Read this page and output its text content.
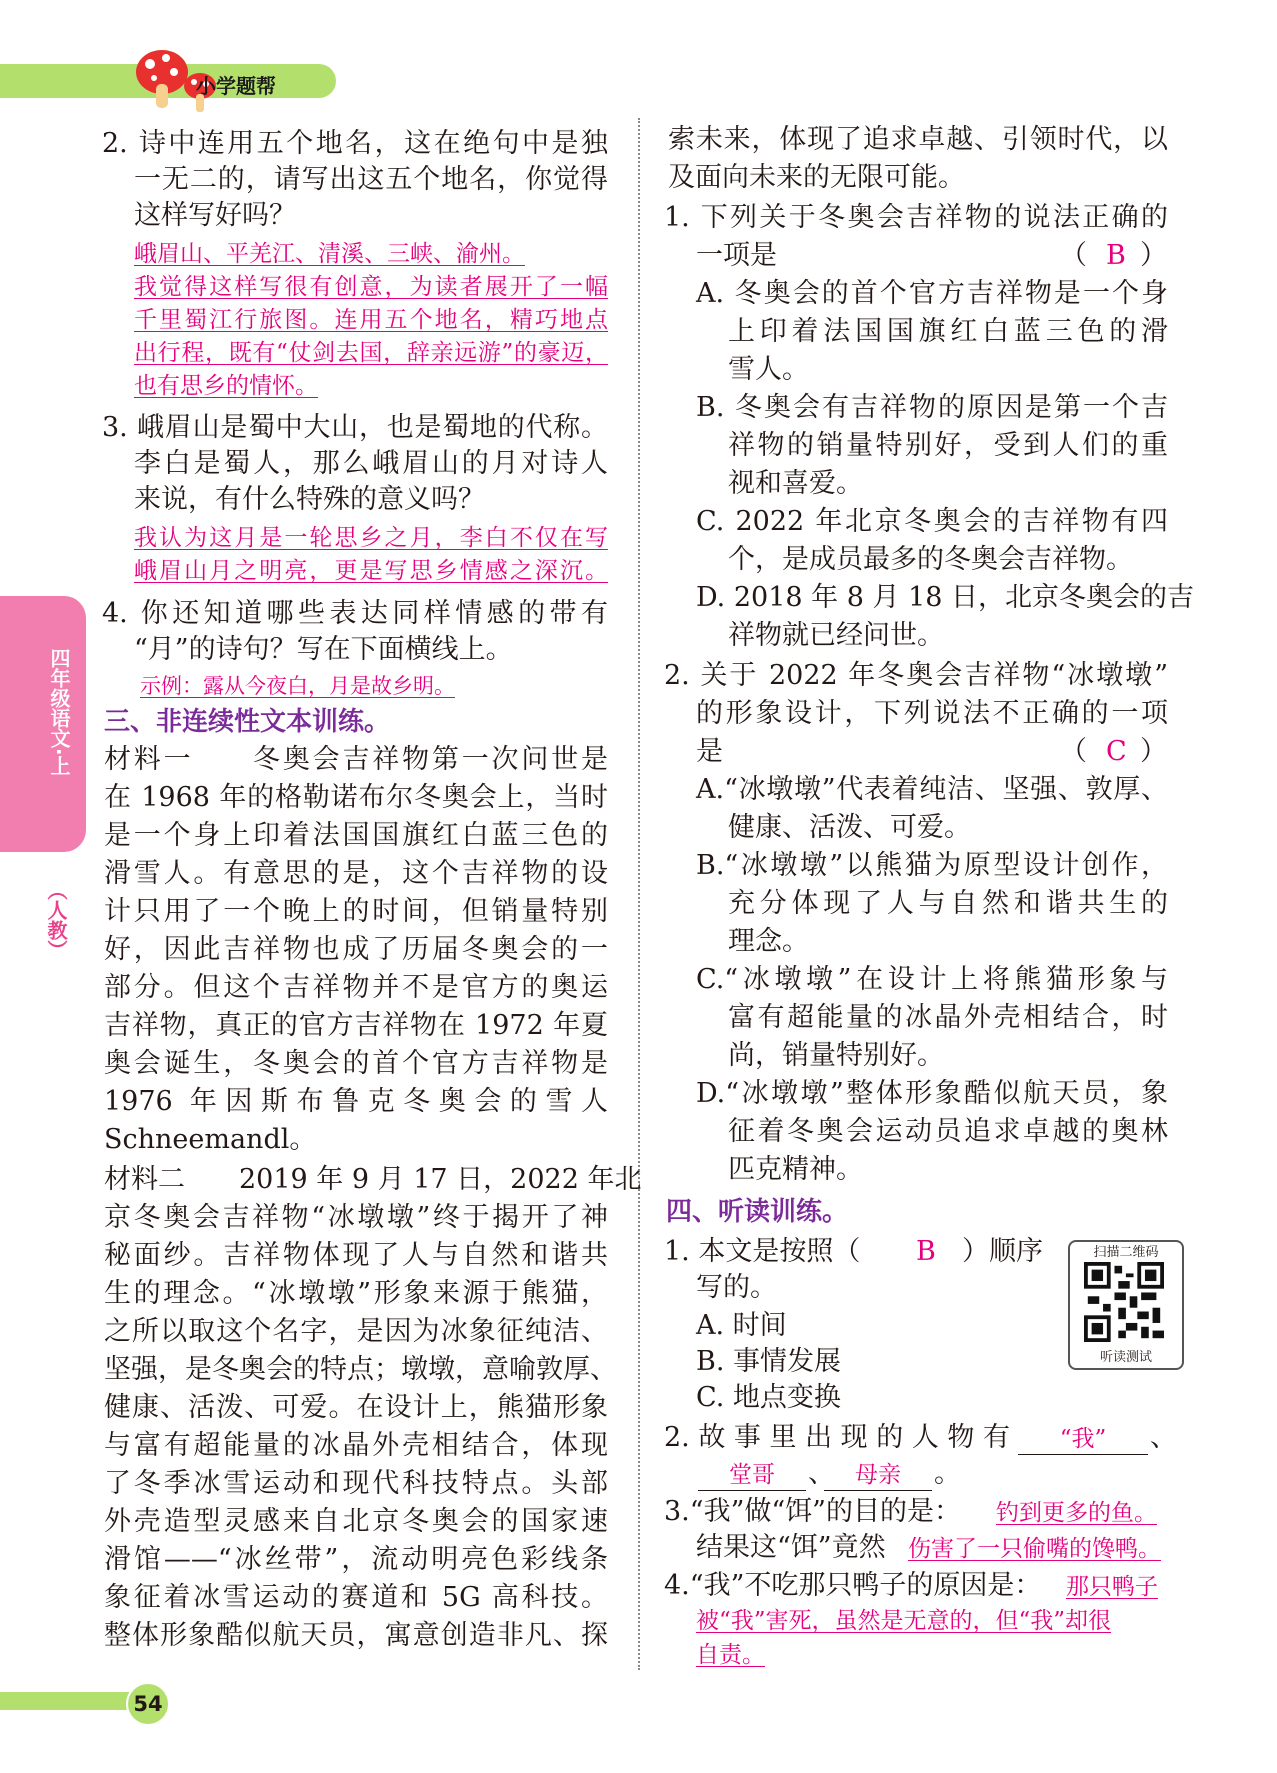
小学题帮
四年级语文·上
（人教）
2. 诗中连用五个地名，这在绝句中是独
一无二的，请写出这五个地名，你觉得
这样写好吗？
峨眉山、平羌江、清溪、三峡、渝州。
我觉得这样写很有创意，为读者展开了一幅
千里蜀江行旅图。连用五个地名，精巧地点
出行程，既有“仗剑去国，辞亲远游”的豪迈，
也有思乡的情怀。
3. 峨眉山是蜀中大山，也是蜀地的代称。
李白是蜀人，那么峨眉山的月对诗人
来说，有什么特殊的意义吗？
我认为这月是一轮思乡之月，李白不仅在写
峨眉山月之明亮，更是写思乡情感之深沉。
4. 你还知道哪些表达同样情感的带有
“月”的诗句？写在下面横线上。
示例：露从今夜白，月是故乡明。
三、非连续性文本训练。
材料一　　冬奥会吉祥物第一次问世是
在 1968 年的格勒诺布尔冬奥会上，当时
是一个身上印着法国国旗红白蓝三色的
滑雪人。有意思的是，这个吉祥物的设
计只用了一个晚上的时间，但销量特别
好，因此吉祥物也成了历届冬奥会的一
部分。但这个吉祥物并不是官方的奥运
吉祥物，真正的官方吉祥物在 1972 年夏
奥会诞生，冬奥会的首个官方吉祥物是
1976 年因斯布鲁克冬奥会的雪人
Schneemandl。
材料二　　2019 年 9 月 17 日，2022 年北
京冬奥会吉祥物“冰墩墩”终于揭开了神
秘面纱。吉祥物体现了人与自然和谐共
生的理念。“冰墩墩”形象来源于熊猫，
之所以取这个名字，是因为冰象征纯洁、
坚强，是冬奥会的特点；墩墩，意喻敦厚、
健康、活泼、可爱。在设计上，熊猫形象
与富有超能量的冰晶外壳相结合，体现
了冬季冰雪运动和现代科技特点。头部
外壳造型灵感来自北京冬奥会的国家速
滑馆——“冰丝带”，流动明亮色彩线条
象征着冰雪运动的赛道和 5G 高科技。
整体形象酷似航天员，寓意创造非凡、探
索未来，体现了追求卓越、引领时代，以
及面向未来的无限可能。
1. 下列关于冬奥会吉祥物的说法正确的
一项是	（ B ）
A. 冬奥会的首个官方吉祥物是一个身
上印着法国国旗红白蓝三色的滑
雪人。
B. 冬奥会有吉祥物的原因是第一个吉
祥物的销量特别好，受到人们的重
视和喜爱。
C. 2022 年北京冬奥会的吉祥物有四
个，是成员最多的冬奥会吉祥物。
D. 2018 年 8 月 18 日，北京冬奥会的吉
祥物就已经问世。
2. 关于 2022 年冬奥会吉祥物“冰墩墩”
的形象设计，下列说法不正确的一项
是	（ C ）
A.“冰墩墩”代表着纯洁、坚强、敦厚、
健康、活泼、可爱。
B.“冰墩墩”以熊猫为原型设计创作，
充分体现了人与自然和谐共生的
理念。
C.“冰墩墩”在设计上将熊猫形象与
富有超能量的冰晶外壳相结合，时
尚，销量特别好。
D.“冰墩墩”整体形象酷似航天员，象
征着冬奥会运动员追求卓越的奥林
匹克精神。
四、听读训练。
扫描二维码
听读测试
1. 本文是按照（ B ）顺序
写的。
A. 时间
B. 事情发展
C. 地点变换
2. 故 事 里 出 现 的 人 物 有	“我”	、
堂哥	、 母亲	。
3.“我”做“饵”的目的是： 钓到更多的鱼。
结果这“饵”竟然 伤害了一只偷嘴的馋鸭。
4.“我”不吃那只鸭子的原因是： 那只鸭子
被“我”害死，虽然是无意的，但“我”却很
自责。
54
